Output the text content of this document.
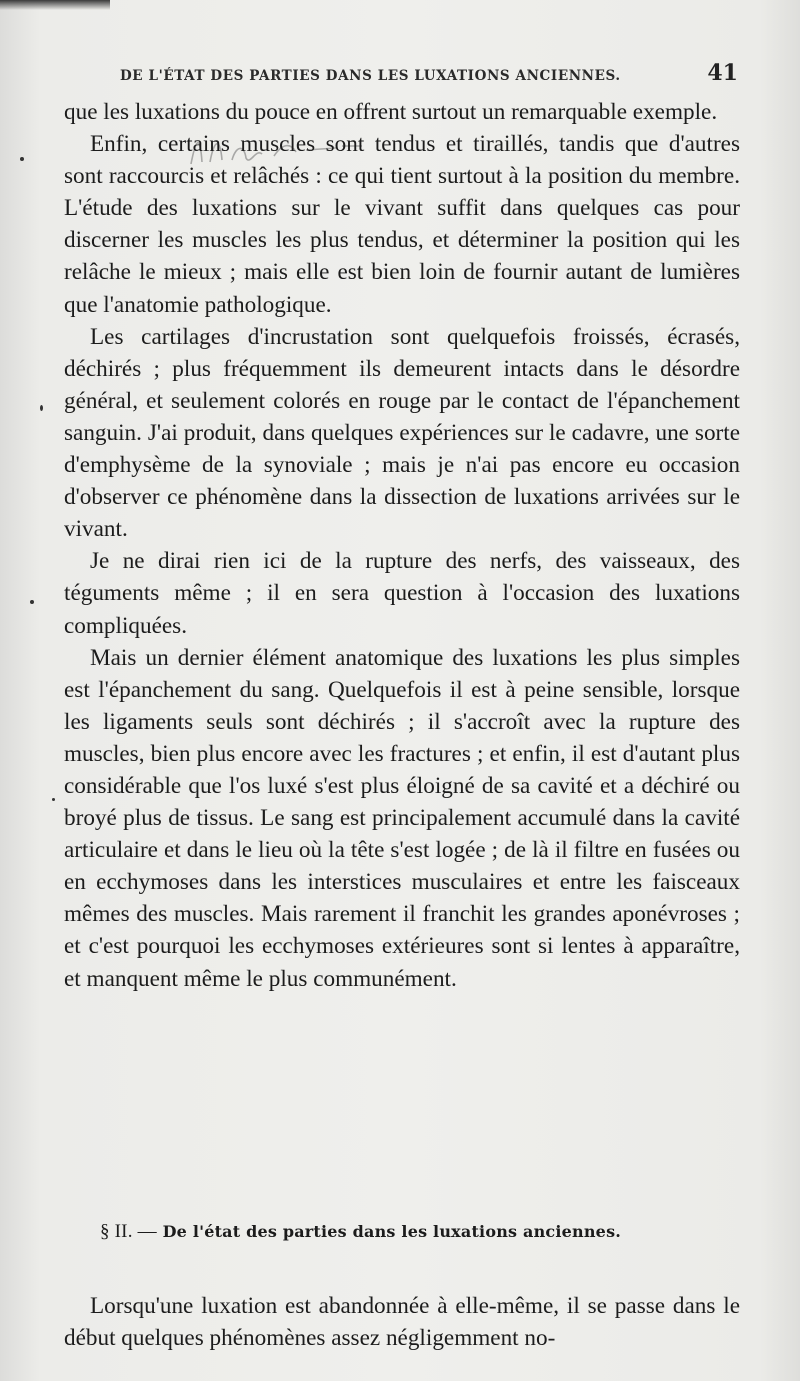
DE L'ÉTAT DES PARTIES DANS LES LUXATIONS ANCIENNES.	41

que les luxations du pouce en offrent surtout un remarquable exemple.

Enfin, certains muscles sont tendus et tiraillés, tandis que d'autres sont raccourcis et relâchés : ce qui tient surtout à la position du membre. L'étude des luxations sur le vivant suffit dans quelques cas pour discerner les muscles les plus tendus, et déterminer la position qui les relâche le mieux ; mais elle est bien loin de fournir autant de lumières que l'anatomie pathologique.

Les cartilages d'incrustation sont quelquefois froissés, écrasés, déchirés ; plus fréquemment ils demeurent intacts dans le désordre général, et seulement colorés en rouge par le contact de l'épanchement sanguin. J'ai produit, dans quelques expériences sur le cadavre, une sorte d'emphysème de la synoviale ; mais je n'ai pas encore eu occasion d'observer ce phénomène dans la dissection de luxations arrivées sur le vivant.

Je ne dirai rien ici de la rupture des nerfs, des vaisseaux, des téguments même ; il en sera question à l'occasion des luxations compliquées.

Mais un dernier élément anatomique des luxations les plus simples est l'épanchement du sang. Quelquefois il est à peine sensible, lorsque les ligaments seuls sont déchirés ; il s'accroît avec la rupture des muscles, bien plus encore avec les fractures ; et enfin, il est d'autant plus considérable que l'os luxé s'est plus éloigné de sa cavité et a déchiré ou broyé plus de tissus. Le sang est principalement accumulé dans la cavité articulaire et dans le lieu où la tête s'est logée ; de là il filtre en fusées ou en ecchymoses dans les interstices musculaires et entre les faisceaux mêmes des muscles. Mais rarement il franchit les grandes aponévroses ; et c'est pourquoi les ecchymoses extérieures sont si lentes à apparaître, et manquent même le plus communément.

§ II. — De l'état des parties dans les luxations anciennes.

Lorsqu'une luxation est abandonnée à elle-même, il se passe dans le début quelques phénomènes assez négligemment no-
